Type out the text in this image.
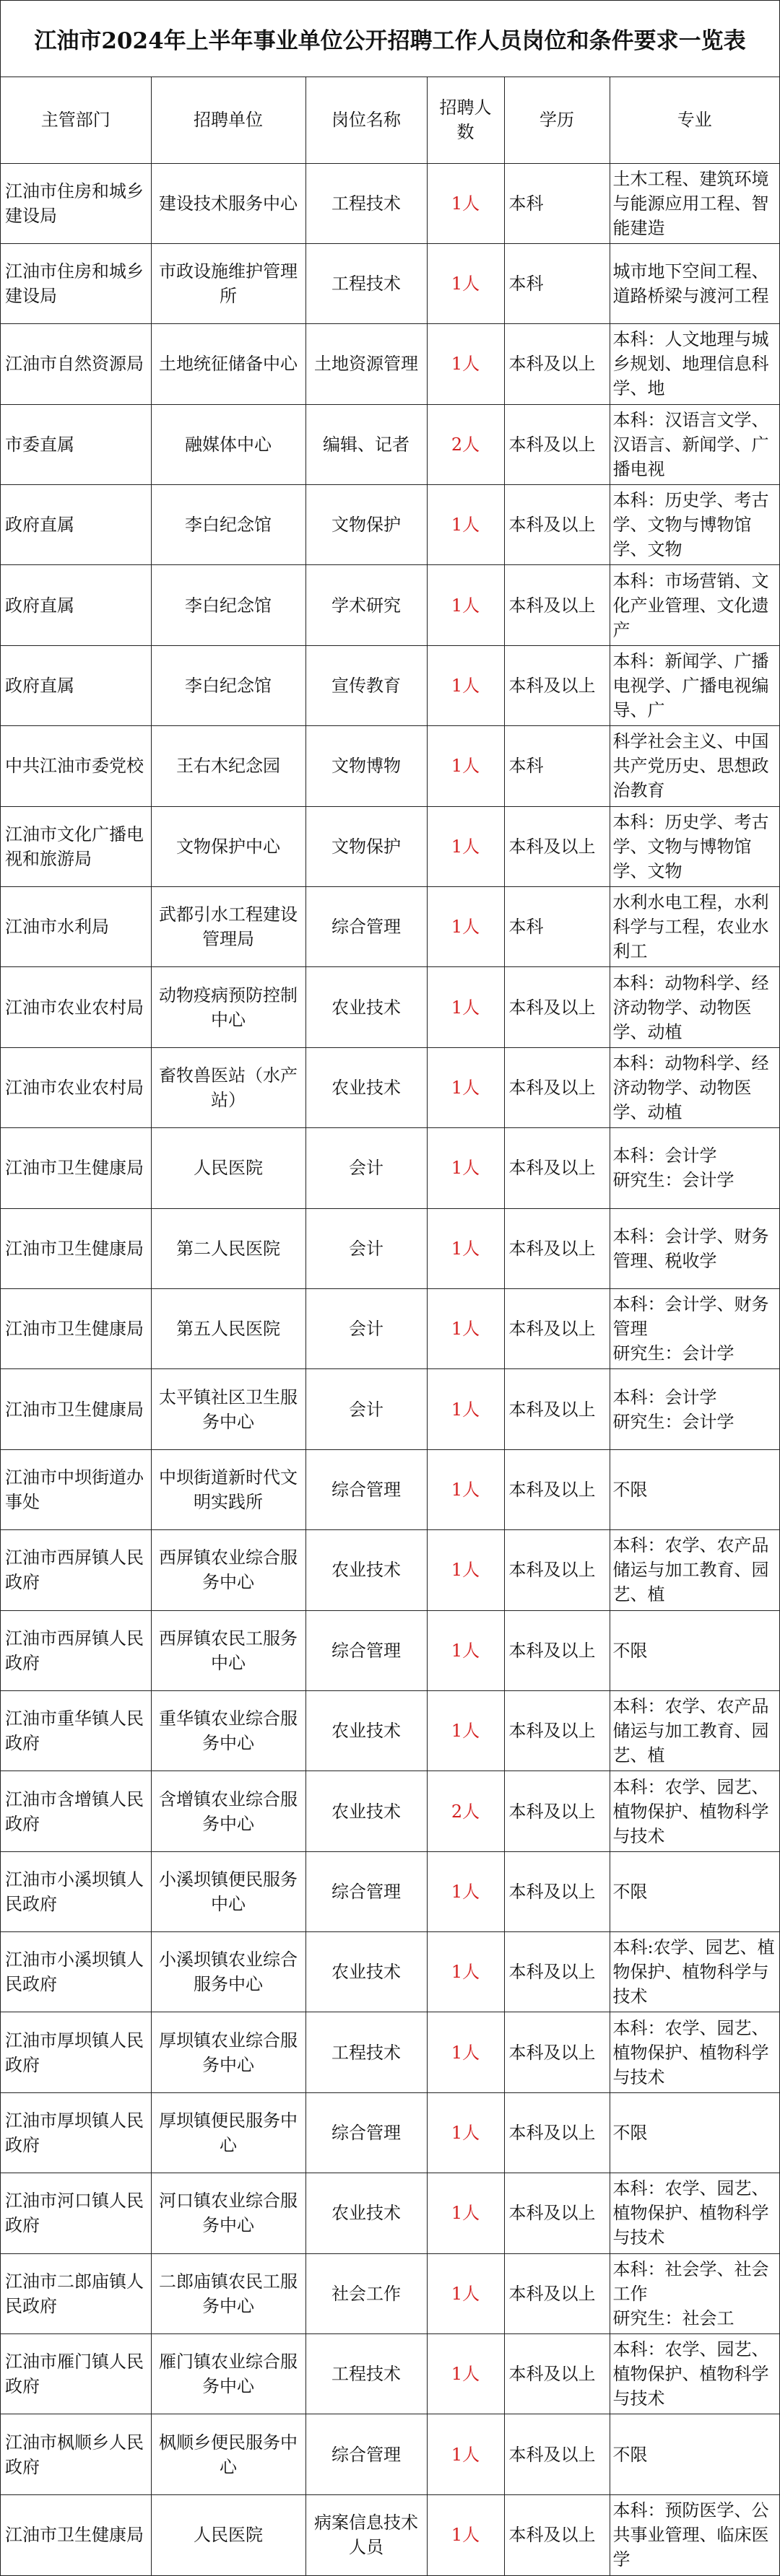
江油市2024年上半年事业单位公开招聘工作人员岗位和条件要求一览表
主管部门	招聘单位	岗位名称	招聘人数	学历	专业

江油市住房和城乡建设局	建设技术服务中心	工程技术	1人	本科	土木工程、建筑环境与能源应用工程、智能建造

江油市住房和城乡建设局	市政设施维护管理所	工程技术	1人	本科	城市地下空间工程、道路桥梁与渡河工程

江油市自然资源局	土地统征储备中心	土地资源管理	1人	本科及以上	本科：人文地理与城乡规划、地理信息科学、地

市委直属	融媒体中心	编辑、记者	2人	本科及以上	本科：汉语言文学、汉语言、新闻学、广播电视

政府直属	李白纪念馆	文物保护	1人	本科及以上	本科：历史学、考古学、文物与博物馆学、文物

政府直属	李白纪念馆	学术研究	1人	本科及以上	本科：市场营销、文化产业管理、文化遗产

政府直属	李白纪念馆	宣传教育	1人	本科及以上	本科：新闻学、广播电视学、广播电视编导、广

中共江油市委党校	王右木纪念园	文物博物	1人	本科	科学社会主义、中国共产党历史、思想政治教育

江油市文化广播电视和旅游局	文物保护中心	文物保护	1人	本科及以上	本科：历史学、考古学、文物与博物馆学、文物

江油市水利局	武都引水工程建设管理局	综合管理	1人	本科	水利水电工程，水利科学与工程，农业水利工

江油市农业农村局	动物疫病预防控制中心	农业技术	1人	本科及以上	本科：动物科学、经济动物学、动物医学、动植

江油市农业农村局	畜牧兽医站（水产站）	农业技术	1人	本科及以上	本科：动物科学、经济动物学、动物医学、动植

江油市卫生健康局	人民医院	会计	1人	本科及以上	本科：会计学
研究生：会计学

江油市卫生健康局	第二人民医院	会计	1人	本科及以上	本科：会计学、财务管理、税收学

江油市卫生健康局	第五人民医院	会计	1人	本科及以上	本科：会计学、财务管理
研究生：会计学

江油市卫生健康局	太平镇社区卫生服务中心	会计	1人	本科及以上	本科：会计学
研究生：会计学

江油市中坝街道办事处	中坝街道新时代文明实践所	综合管理	1人	本科及以上	不限

江油市西屏镇人民政府	西屏镇农业综合服务中心	农业技术	1人	本科及以上	本科：农学、农产品储运与加工教育、园艺、植

江油市西屏镇人民政府	西屏镇农民工服务中心	综合管理	1人	本科及以上	不限

江油市重华镇人民政府	重华镇农业综合服务中心	农业技术	1人	本科及以上	本科：农学、农产品储运与加工教育、园艺、植

江油市含增镇人民政府	含增镇农业综合服务中心	农业技术	2人	本科及以上	本科：农学、园艺、植物保护、植物科学与技术

江油市小溪坝镇人民政府	小溪坝镇便民服务中心	综合管理	1人	本科及以上	不限

江油市小溪坝镇人民政府	小溪坝镇农业综合服务中心	农业技术	1人	本科及以上	本科:农学、园艺、植物保护、植物科学与技术

江油市厚坝镇人民政府	厚坝镇农业综合服务中心	工程技术	1人	本科及以上	本科：农学、园艺、植物保护、植物科学与技术

江油市厚坝镇人民政府	厚坝镇便民服务中心	综合管理	1人	本科及以上	不限

江油市河口镇人民政府	河口镇农业综合服务中心	农业技术	1人	本科及以上	本科：农学、园艺、植物保护、植物科学与技术

江油市二郎庙镇人民政府	二郎庙镇农民工服务中心	社会工作	1人	本科及以上	本科：社会学、社会工作
研究生：社会工

江油市雁门镇人民政府	雁门镇农业综合服务中心	工程技术	1人	本科及以上	本科：农学、园艺、植物保护、植物科学与技术

江油市枫顺乡人民政府	枫顺乡便民服务中心	综合管理	1人	本科及以上	不限

江油市卫生健康局	人民医院	病案信息技术人员	1人	本科及以上	本科：预防医学、公共事业管理、临床医学
